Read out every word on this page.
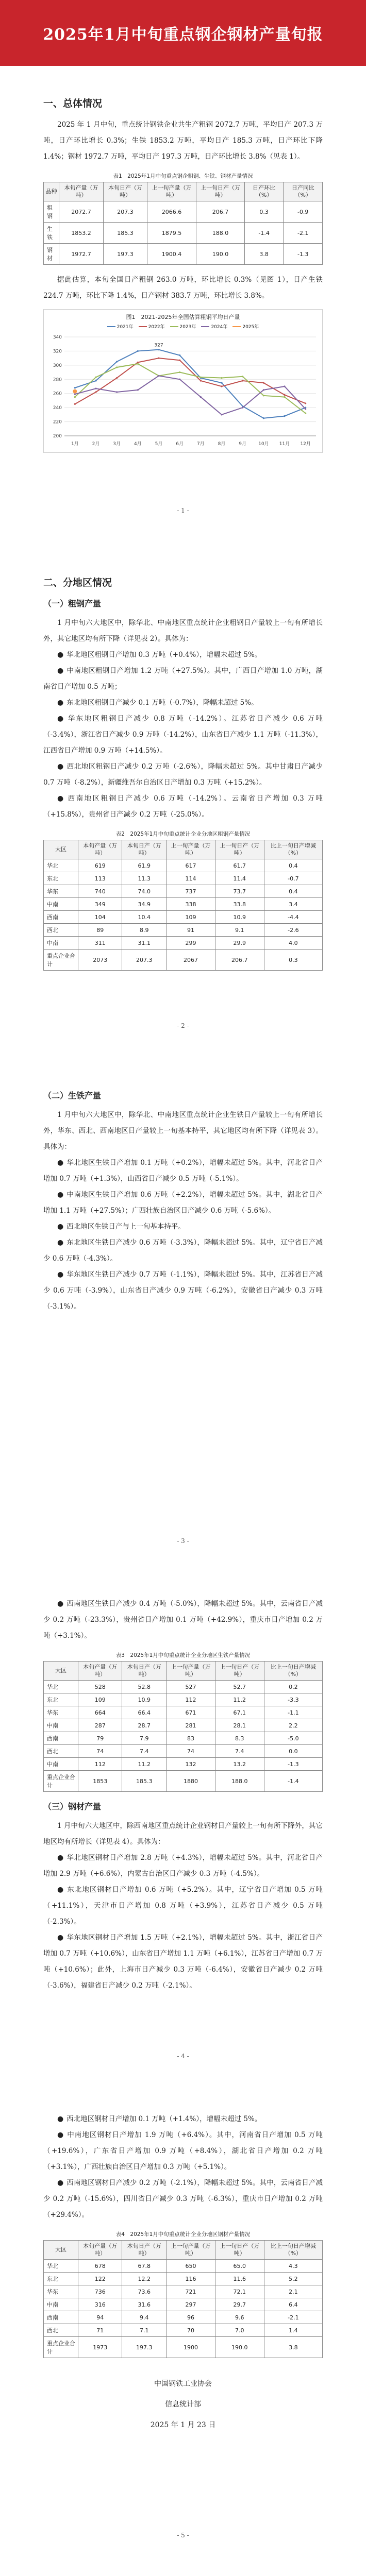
2025年1月中旬重点钢企钢材产量旬报
一、总体情况

2025 年 1 月中旬，重点统计钢铁企业共生产粗钢 2072.7 万吨，平均日产 207.3 万吨，日产环比增长 0.3%；生铁 1853.2 万吨，平均日产 185.3 万吨，日产环比下降 1.4%；钢材 1972.7 万吨，平均日产 197.3 万吨，日产环比增长 3.8%（见表 1）。

表1　2025年1月中旬重点钢企粗钢、生铁、钢材产量情况
品种	本旬产量（万吨）	本旬日产（万吨）	上一旬产量（万吨）	上一旬日产（万吨）	日产环比（%）	日产同比（%）
粗钢	2072.7	207.3	2066.6	206.7	0.3	-0.9
生铁	1853.2	185.3	1879.5	188.0	-1.4	-2.1
钢材	1972.7	197.3	1900.4	190.0	3.8	-1.3

据此估算，本旬全国日产粗钢 263.0 万吨，环比增长 0.3%（见图 1），日产生铁 224.7 万吨，环比下降 1.4%，日产钢材 383.7 万吨，环比增长 3.8%。

图1　2021-2025年全国估算粗钢平均日产量
2021年	2022年	2023年	2024年	2025年
200
220
240
260
280
300
320
340
1月	2月	3月	4月	5月	6月	7月	8月	9月	10月 11月 12月
327
- 1 -
二、分地区情况
（一）粗钢产量

1 月中旬六大地区中，除华北、中南地区重点统计企业粗钢日产量较上一旬有所增长外，其它地区均有所下降（详见表 2）。具体为：

● 华北地区粗钢日产增加 0.3 万吨（+0.4%），增幅未超过 5%。

● 中南地区粗钢日产增加 1.2 万吨（+27.5%）。其中，广西日产增加 1.0 万吨，湖南省日产增加 0.5 万吨；

● 东北地区粗钢日产减少 0.1 万吨（-0.7%），降幅未超过 5%。

● 华东地区粗钢日产减少 0.8 万吨（-14.2%）。江苏省日产减少 0.6 万吨（-3.4%），浙江省日产减少 0.9 万吨（-14.2%），山东省日产减少 1.1 万吨（-11.3%），江西省日产增加 0.9 万吨（+14.5%）。

● 西北地区粗钢日产减少 0.2 万吨（-2.6%），降幅未超过 5%。其中甘肃日产减少 0.7 万吨（-8.2%），新疆维吾尔自治区日产增加 0.3 万吨（+15.2%）。

● 西南地区粗钢日产减少 0.6 万吨（-14.2%）。云南省日产增加 0.3 万吨（+15.8%），贵州省日产减少 0.2 万吨（-25.0%）。

表2　2025年1月中旬重点统计企业分地区粗钢产量情况
大区	本旬产量（万吨）	本旬日产（万吨）	上一旬产量（万吨）	上一旬日产（万吨）	比上一旬日产增减（%）
华北	619	61.9	617	61.7	0.4
东北	113	11.3	114	11.4	-0.7
华东	740	74.0	737	73.7	0.4
中南	349	34.9	338	33.8	3.4
西南	104	10.4	109	10.9	-4.4
西北	89	8.9	91	9.1	-2.6
中南	311	31.1	299	29.9	4.0
重点企业合计	2073	207.3	2067	206.7	0.3
- 2 -
（二）生铁产量

1 月中旬六大地区中，除华北、中南地区重点统计企业生铁日产量较上一旬有所增长外，华东、西北、西南地区日产量较上一旬基本持平，其它地区均有所下降（详见表 3）。具体为：

● 华北地区生铁日产增加 0.1 万吨（+0.2%），增幅未超过 5%。其中，河北省日产增加 0.7 万吨（+1.3%），山西省日产减少 0.5 万吨（-5.1%）。

● 中南地区生铁日产增加 0.6 万吨（+2.2%），增幅未超过 5%。其中，湖北省日产增加 1.1 万吨（+27.5%）；广西壮族自治区日产减少 0.6 万吨（-5.6%）。

● 西北地区生铁日产与上一旬基本持平。

● 东北地区生铁日产减少 0.6 万吨（-3.3%），降幅未超过 5%。其中，辽宁省日产减少 0.6 万吨（-4.3%）。

● 华东地区生铁日产减少 0.7 万吨（-1.1%），降幅未超过 5%。其中，江苏省日产减少 0.6 万吨（-3.9%），山东省日产减少 0.9 万吨（-6.2%），安徽省日产减少 0.3 万吨（-3.1%）。

- 3 -

● 西南地区生铁日产减少 0.4 万吨（-5.0%），降幅未超过 5%。其中，云南省日产减少 0.2 万吨（-23.3%），贵州省日产增加 0.1 万吨（+42.9%），重庆市日产增加 0.2 万吨（+3.1%）。

表3　2025年1月中旬重点统计企业分地区生铁产量情况
大区	本旬产量（万吨）	本旬日产（万吨）	上一旬产量（万吨）	上一旬日产（万吨）	比上一旬日产增减（%）
华北	528	52.8	527	52.7	0.2
东北	109	10.9	112	11.2	-3.3
华东	664	66.4	671	67.1	-1.1
中南	287	28.7	281	28.1	2.2
西南	79	7.9	83	8.3	-5.0
西北	74	7.4	74	7.4	0.0
中南	112	11.2	132	13.2	-1.3
重点企业合计	1853	185.3	1880	188.0	-1.4
（三）钢材产量

1 月中旬六大地区中，除西南地区重点统计企业钢材日产量较上一旬有所下降外，其它地区均有所增长（详见表 4）。具体为：

● 华北地区钢材日产增加 2.8 万吨（+4.3%），增幅未超过 5%。其中，河北省日产增加 2.9 万吨（+6.6%），内蒙古自治区日产减少 0.3 万吨（-4.5%）。

● 东北地区钢材日产增加 0.6 万吨（+5.2%）。其中，辽宁省日产增加 0.5 万吨（+11.1%），天津市日产增加 0.8 万吨（+3.9%），江苏省日产减少 0.5 万吨（-2.3%）。

● 华东地区钢材日产增加 1.5 万吨（+2.1%），增幅未超过 5%。其中，浙江省日产增加 0.7 万吨（+10.6%），山东省日产增加 1.1 万吨（+6.1%），江苏省日产增加 0.7 万吨（+10.6%）；此外，上海市日产减少 0.3 万吨（-6.4%），安徽省日产减少 0.2 万吨（-3.6%），福建省日产减少 0.2 万吨（-2.1%）。

- 4 -

● 西北地区钢材日产增加 0.1 万吨（+1.4%），增幅未超过 5%。

● 中南地区钢材日产增加 1.9 万吨（+6.4%）。其中，河南省日产增加 0.5 万吨（+19.6%），广东省日产增加 0.9 万吨（+8.4%），湖北省日产增加 0.2 万吨（+3.1%），广西壮族自治区日产增加 0.3 万吨（+5.1%）。

● 西南地区钢材日产减少 0.2 万吨（-2.1%），降幅未超过 5%。其中，云南省日产减少 0.2 万吨（-15.6%），四川省日产减少 0.3 万吨（-6.3%），重庆市日产增加 0.2 万吨（+29.4%）。

表4　2025年1月中旬重点统计企业分地区钢材产量情况
大区	本旬产量（万吨）	本旬日产（万吨）	上一旬产量（万吨）	上一旬日产（万吨）	比上一旬日产增减（%）
华北	678	67.8	650	65.0	4.3
东北	122	12.2	116	11.6	5.2
华东	736	73.6	721	72.1	2.1
中南	316	31.6	297	29.7	6.4
西南	94	9.4	96	9.6	-2.1
西北	71	7.1	70	7.0	1.4
重点企业合计	1973	197.3	1900	190.0	3.8
中国钢铁工业协会
信息统计部
2025 年 1 月 23 日
- 5 -
